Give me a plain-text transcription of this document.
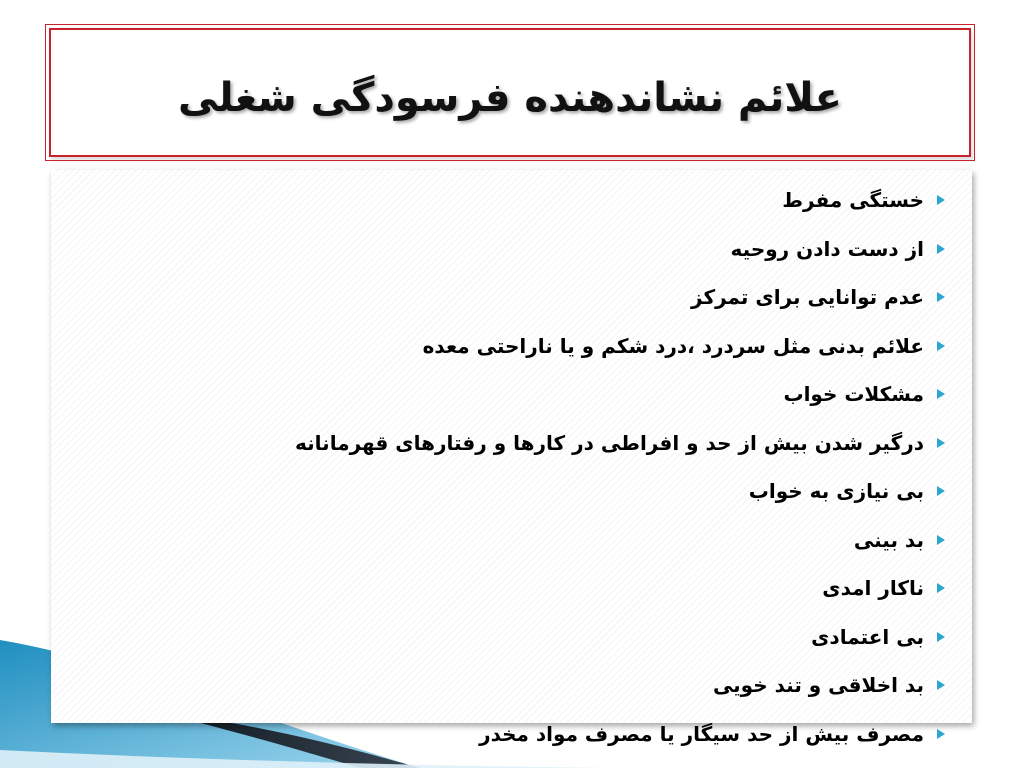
علائم نشاندهنده فرسودگی شغلی
خستگی مفرط
از دست دادن روحیه
عدم توانایی برای تمرکز
علائم بدنی مثل سردرد ،درد شکم و یا ناراحتی معده
مشکلات خواب
درگیر شدن بیش از حد و افراطی در کارها و رفتارهای قهرمانانه
بی نیازی به خواب
بد بینی
ناکار امدی
بی اعتمادی
بد اخلاقی و تند خویی
مصرف بیش از حد سیگار یا مصرف مواد مخدر
